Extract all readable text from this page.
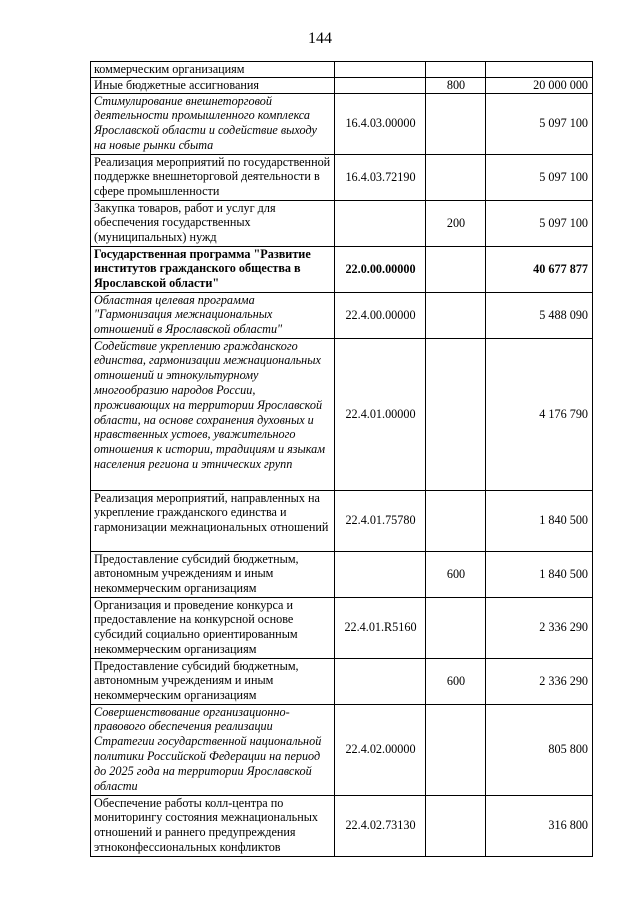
144
коммерческим организациям			
Иные бюджетные ассигнования		800	20 000 000
Стимулирование внешнеторговой деятельности промышленного комплекса Ярославской области и содействие выходу на новые рынки сбыта	16.4.03.00000		5 097 100
Реализация мероприятий по государственной поддержке внешнеторговой деятельности в сфере промышленности	16.4.03.72190		5 097 100
Закупка товаров, работ и услуг для обеспечения государственных (муниципальных) нужд		200	5 097 100
Государственная программа "Развитие институтов гражданского общества в Ярославской области"	22.0.00.00000		40 677 877
Областная целевая программа "Гармонизация межнациональных отношений в Ярославской области"	22.4.00.00000		5 488 090
Содействие укреплению гражданского единства, гармонизации межнациональных отношений и этнокультурному многообразию народов России, проживающих на территории Ярославской области, на основе сохранения духовных и нравственных устоев, уважительного отношения к истории, традициям и языкам населения региона и этнических групп	22.4.01.00000		4 176 790
Реализация мероприятий, направленных на укрепление гражданского единства и гармонизации межнациональных отношений	22.4.01.75780		1 840 500
Предоставление субсидий бюджетным, автономным учреждениям и иным некоммерческим организациям		600	1 840 500
Организация и проведение конкурса и предоставление на конкурсной основе субсидий социально ориентированным некоммерческим организациям	22.4.01.R5160		2 336 290
Предоставление субсидий бюджетным, автономным учреждениям и иным некоммерческим организациям		600	2 336 290
Совершенствование организационно-правового обеспечения реализации Стратегии государственной национальной политики Российской Федерации на период до 2025 года на территории Ярославской области	22.4.02.00000		805 800
Обеспечение работы колл-центра по мониторингу состояния межнациональных отношений и раннего предупреждения этноконфессиональных конфликтов	22.4.02.73130		316 800
